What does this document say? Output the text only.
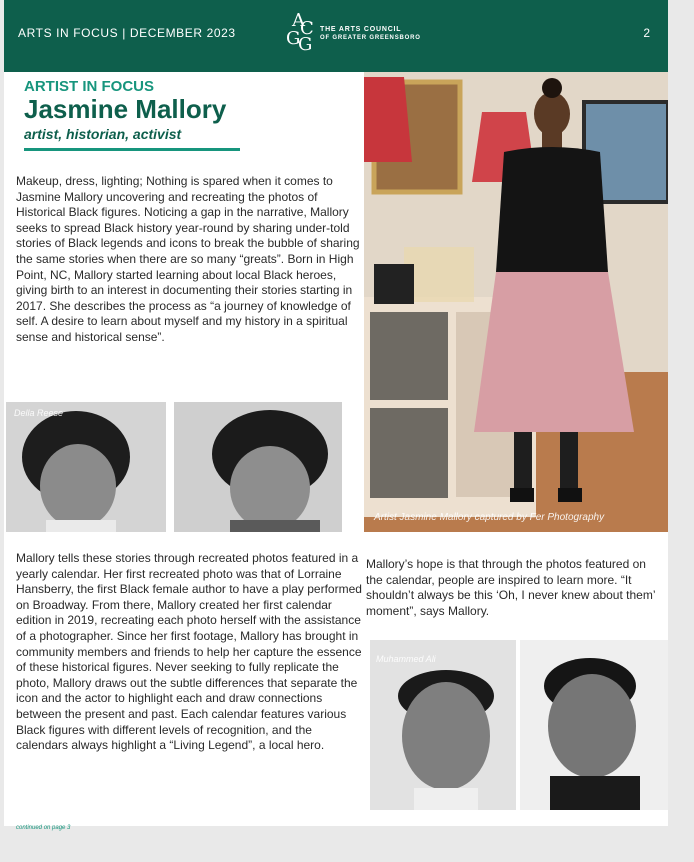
ARTS IN FOCUS | DECEMBER 2023
A
C
G
G
THE ARTS COUNCIL
OF GREATER GREENSBORO	2
ARTIST IN FOCUS
Jasmine Mallory
artist, historian, activist
Makeup, dress, lighting; Nothing is spared when it comes to Jasmine Mallory uncovering and recreating the photos of Historical Black figures. Noticing a gap in the narrative, Mallory seeks to spread Black history year-round by sharing under-told stories of Black legends and icons to break the bubble of sharing the same stories when there are so many “greats”. Born in High Point, NC, Mallory started learning about local Black heroes, giving birth to an interest in documenting their stories starting in 2017. She describes the process as “a journey of knowledge of self. A desire to learn about myself and my history in a spiritual sense and historical sense”.
Artist Jasmine Mallory captured by Fer Photography
Della Reese
Mallory tells these stories through recreated photos featured in a yearly calendar. Her first recreated photo was that of Lorraine Hansberry, the first Black female author to have a play performed on Broadway. From there, Mallory created her first calendar edition in 2019, recreating each photo herself with the assistance of a photographer. Since her first footage, Mallory has brought in community members and friends to help her capture the essence of these historical figures. Never seeking to fully replicate the photo, Mallory draws out the subtle differences that separate the icon and the actor to highlight each and draw connections between the present and past. Each calendar features various Black figures with different levels of recognition, and the calendars always highlight a “Living Legend”, a local hero.
Mallory’s hope is that through the photos featured on the calendar, people are inspired to learn more. “It shouldn’t always be this ‘Oh, I never knew about them’ moment”, says Mallory.
Muhammed Ali
continued on page 3
